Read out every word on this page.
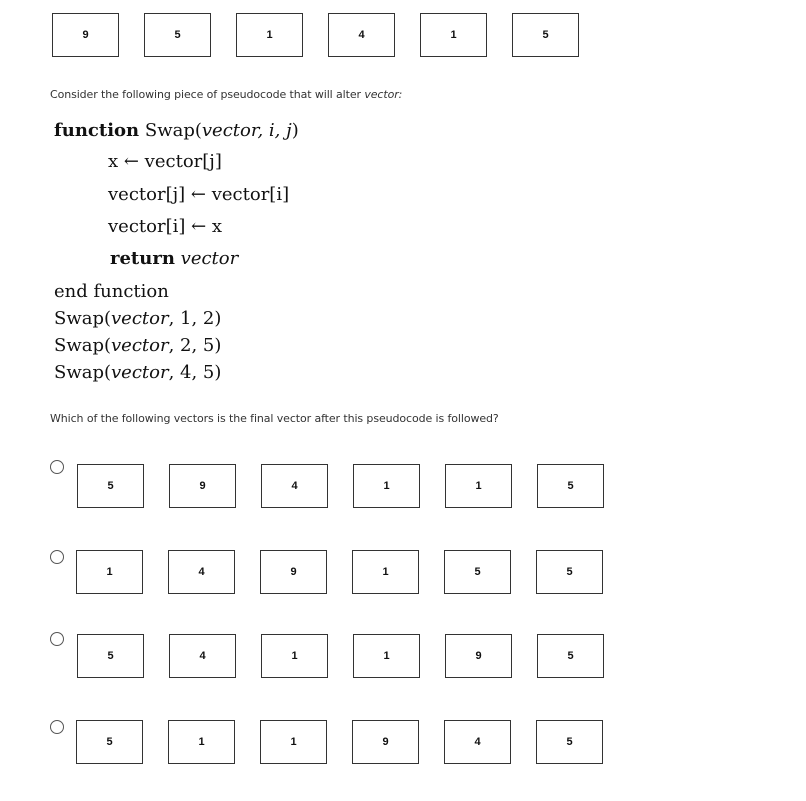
9	5	1	4	1	5
Consider the following piece of pseudocode that will alter vector:
function Swap(vector, i, j)
x ← vector[j]
vector[j] ← vector[i]
vector[i] ← x
return vector
end function
Swap(vector, 1, 2)
Swap(vector, 2, 5)
Swap(vector, 4, 5)
Which of the following vectors is the final vector after this pseudocode is followed?
5	9	4	1	1	5
1	4	9	1	5	5
5	4	1	1	9	5
5	1	1	9	4	5
